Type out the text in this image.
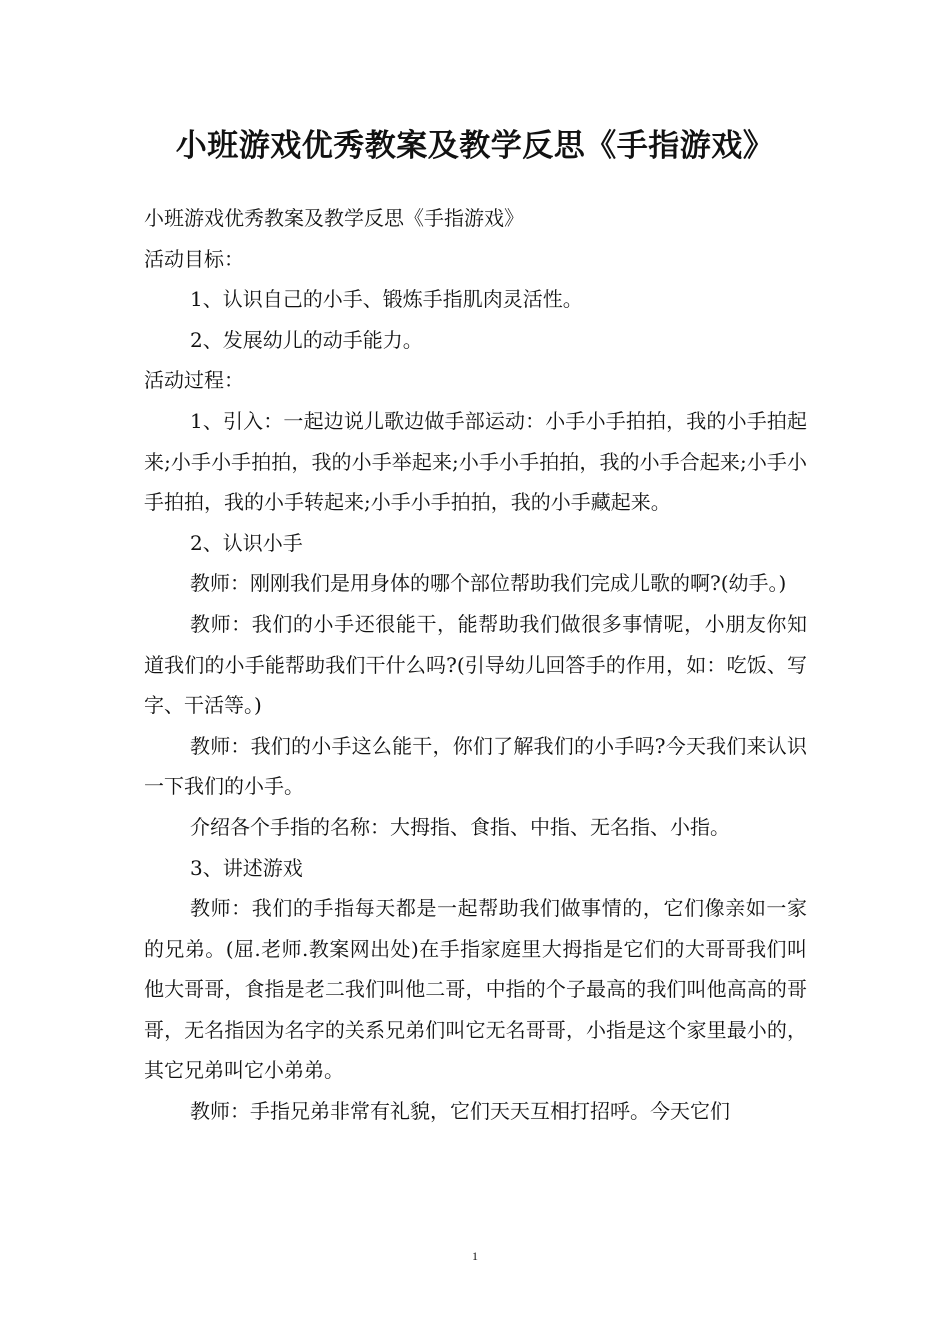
小班游戏优秀教案及教学反思《手指游戏》

小班游戏优秀教案及教学反思《手指游戏》

活动目标：

1、认识自己的小手、锻炼手指肌肉灵活性。

2、发展幼儿的动手能力。

活动过程：

1、引入：一起边说儿歌边做手部运动：小手小手拍拍，我的小手拍起来;小手小手拍拍，我的小手举起来;小手小手拍拍，我的小手合起来;小手小手拍拍，我的小手转起来;小手小手拍拍，我的小手藏起来。

2、认识小手

教师：刚刚我们是用身体的哪个部位帮助我们完成儿歌的啊?(幼手。)

教师：我们的小手还很能干，能帮助我们做很多事情呢，小朋友你知道我们的小手能帮助我们干什么吗?(引导幼儿回答手的作用，如：吃饭、写字、干活等。)

教师：我们的小手这么能干，你们了解我们的小手吗?今天我们来认识一下我们的小手。

介绍各个手指的名称：大拇指、食指、中指、无名指、小指。

3、讲述游戏

教师：我们的手指每天都是一起帮助我们做事情的，它们像亲如一家的兄弟。(屈.老师.教案网出处)在手指家庭里大拇指是它们的大哥哥我们叫他大哥哥，食指是老二我们叫他二哥，中指的个子最高的我们叫他高高的哥哥，无名指因为名字的关系兄弟们叫它无名哥哥，小指是这个家里最小的，其它兄弟叫它小弟弟。

教师：手指兄弟非常有礼貌，它们天天互相打招呼。今天它们

1
